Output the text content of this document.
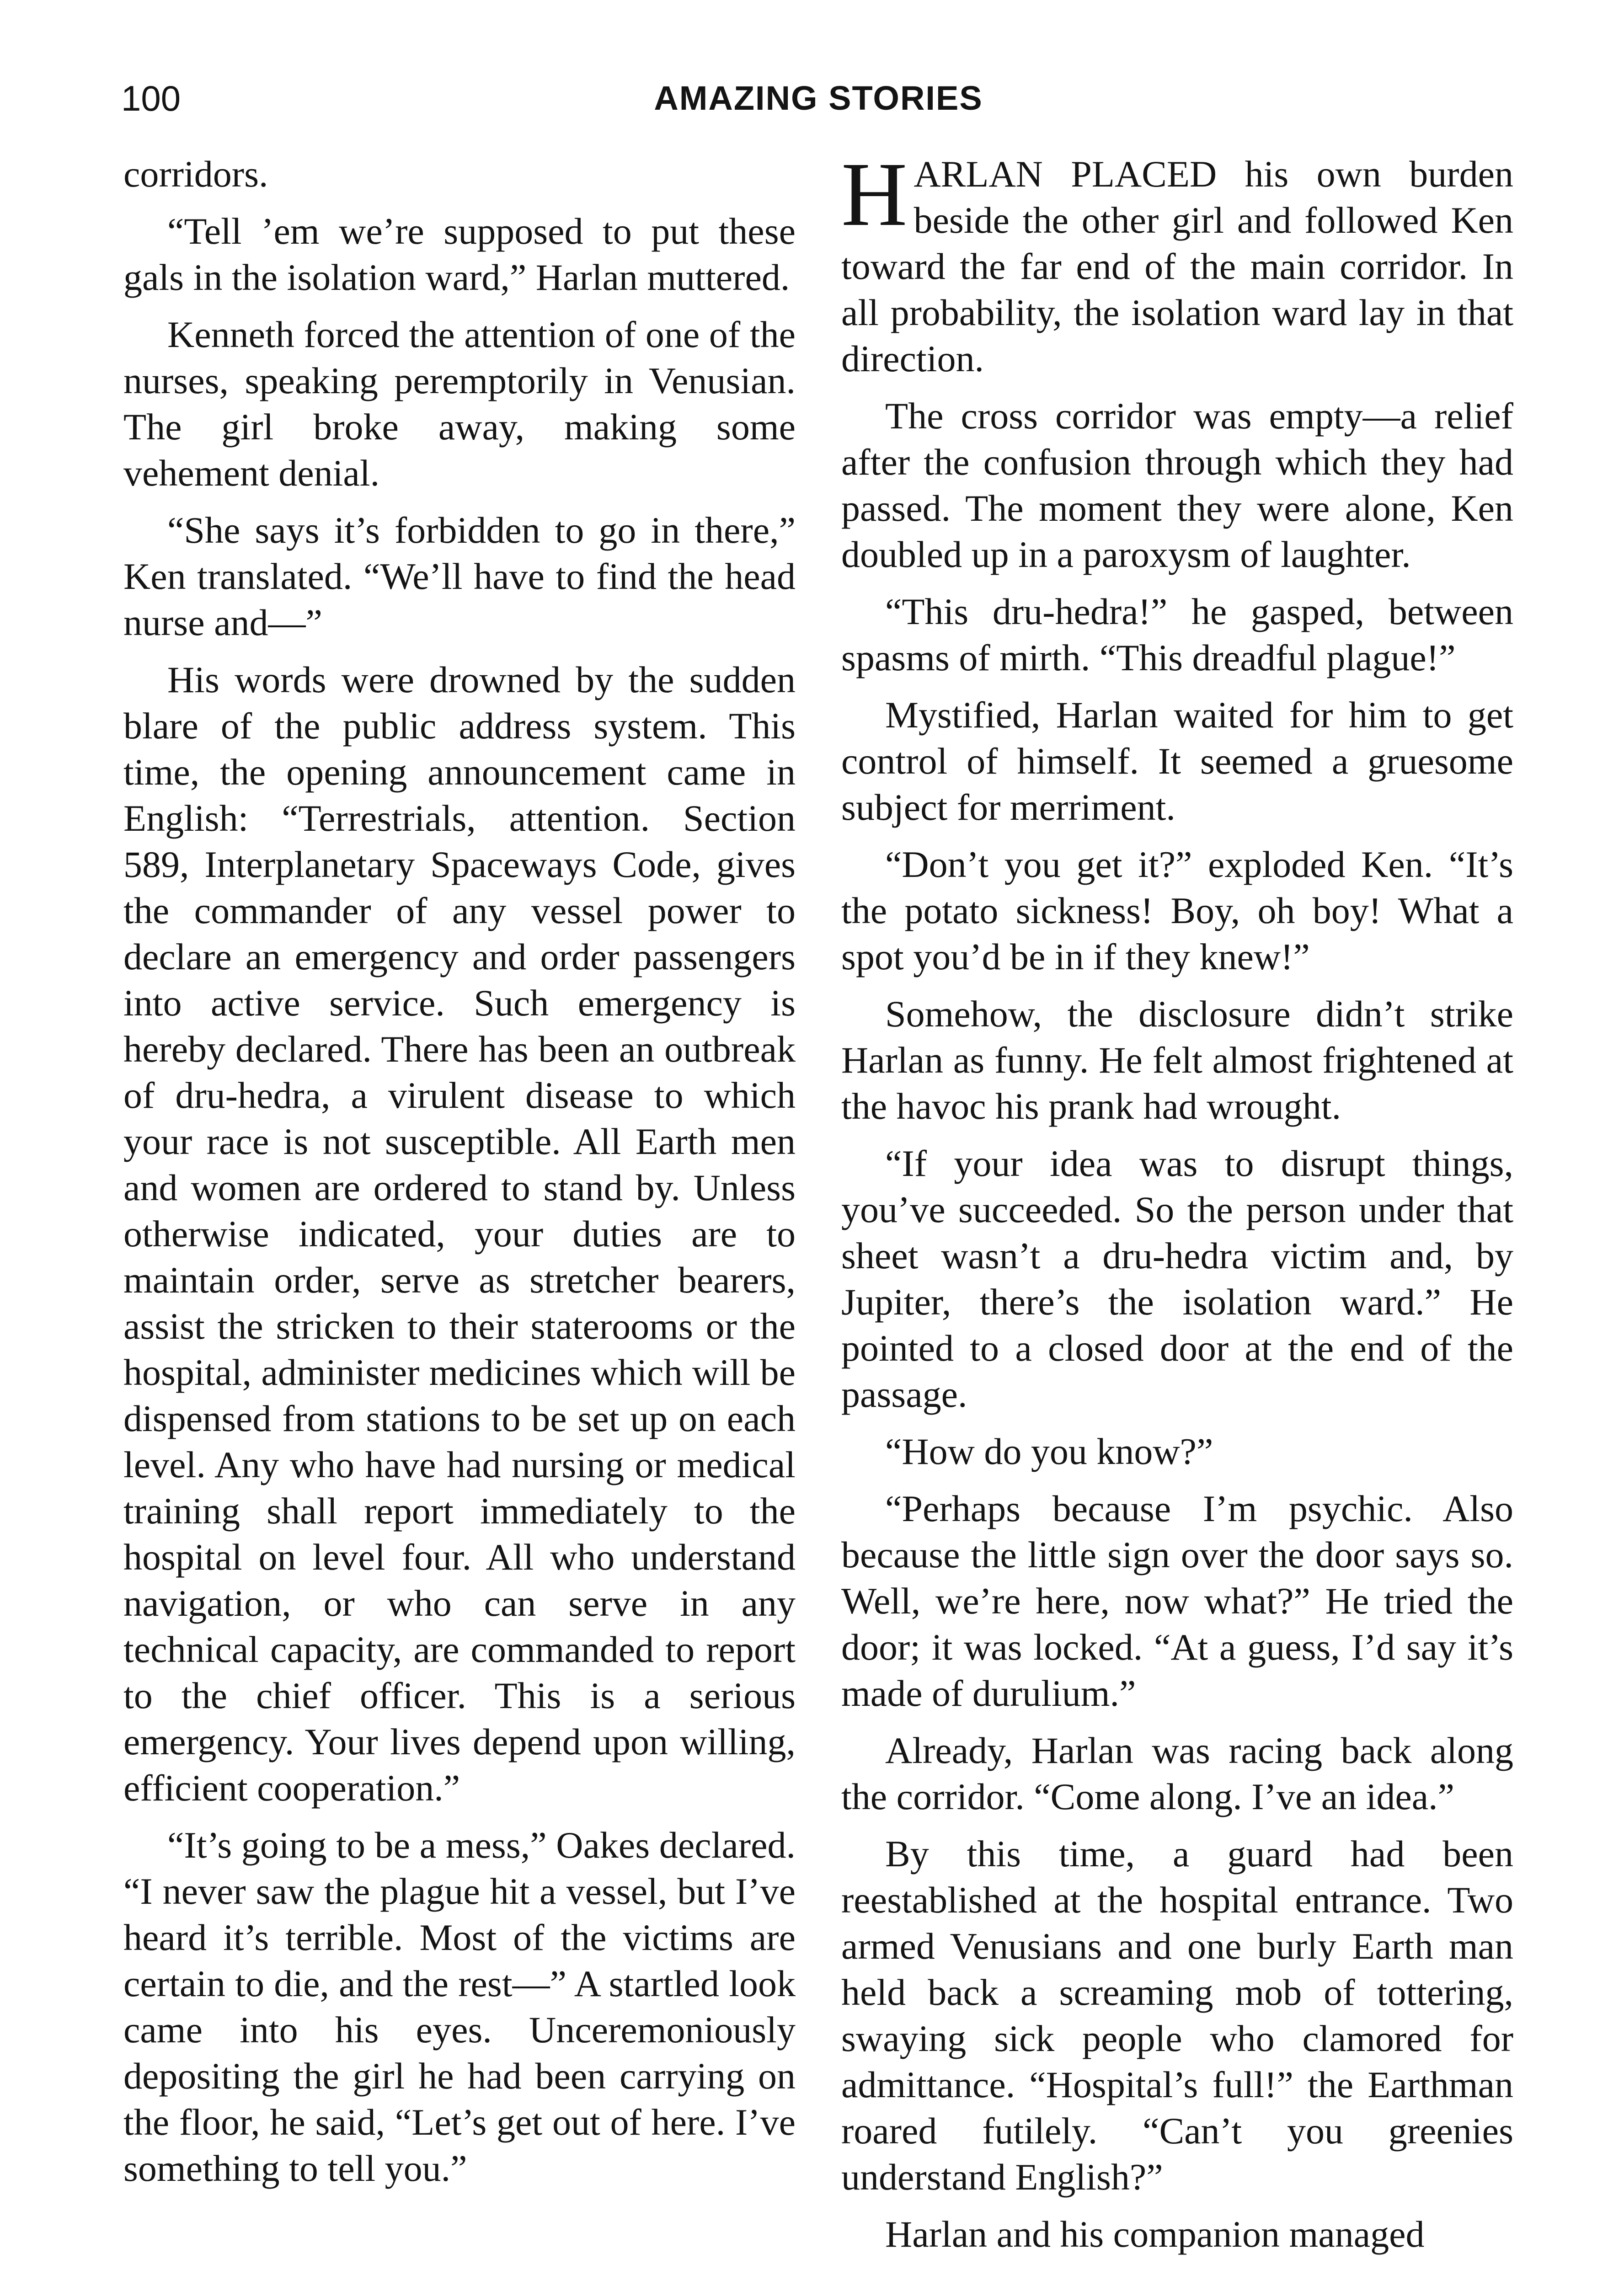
100	AMAZING STORIES

corridors.

“Tell ’em we’re supposed to put these gals in the isolation ward,” Harlan muttered.

Kenneth forced the attention of one of the nurses, speaking peremptorily in Venusian. The girl broke away, making some vehement denial.

“She says it’s forbidden to go in there,” Ken translated. “We’ll have to find the head nurse and—”

His words were drowned by the sudden blare of the public address system. This time, the opening announcement came in English: “Terrestrials, attention. Section 589, Interplanetary Spaceways Code, gives the commander of any vessel power to declare an emergency and order passengers into active service. Such emergency is hereby declared. There has been an outbreak of dru-hedra, a virulent disease to which your race is not susceptible. All Earth men and women are ordered to stand by. Unless otherwise indicated, your duties are to maintain order, serve as stretcher bearers, assist the stricken to their staterooms or the hospital, administer medicines which will be dispensed from stations to be set up on each level. Any who have had nursing or medical training shall report immediately to the hospital on level four. All who understand navigation, or who can serve in any technical capacity, are commanded to report to the chief officer. This is a serious emergency. Your lives depend upon willing, efficient cooperation.”

“It’s going to be a mess,” Oakes declared. “I never saw the plague hit a vessel, but I’ve heard it’s terrible. Most of the victims are certain to die, and the rest—” A startled look came into his eyes. Unceremoniously depositing the girl he had been carrying on the floor, he said, “Let’s get out of here. I’ve something to tell you.”

HARLAN PLACED his own burden beside the other girl and followed Ken toward the far end of the main corridor. In all probability, the isolation ward lay in that direction.

The cross corridor was empty—a relief after the confusion through which they had passed. The moment they were alone, Ken doubled up in a paroxysm of laughter.

“This dru-hedra!” he gasped, between spasms of mirth. “This dreadful plague!”

Mystified, Harlan waited for him to get control of himself. It seemed a gruesome subject for merriment.

“Don’t you get it?” exploded Ken. “It’s the potato sickness! Boy, oh boy! What a spot you’d be in if they knew!”

Somehow, the disclosure didn’t strike Harlan as funny. He felt almost frightened at the havoc his prank had wrought.

“If your idea was to disrupt things, you’ve succeeded. So the person under that sheet wasn’t a dru-hedra victim and, by Jupiter, there’s the isolation ward.” He pointed to a closed door at the end of the passage.

“How do you know?”

“Perhaps because I’m psychic. Also because the little sign over the door says so. Well, we’re here, now what?” He tried the door; it was locked. “At a guess, I’d say it’s made of durulium.”

Already, Harlan was racing back along the corridor. “Come along. I’ve an idea.”

By this time, a guard had been reestablished at the hospital entrance. Two armed Venusians and one burly Earth man held back a screaming mob of tottering, swaying sick people who clamored for admittance. “Hospital’s full!” the Earthman roared futilely. “Can’t you greenies understand English?”

Harlan and his companion managed
